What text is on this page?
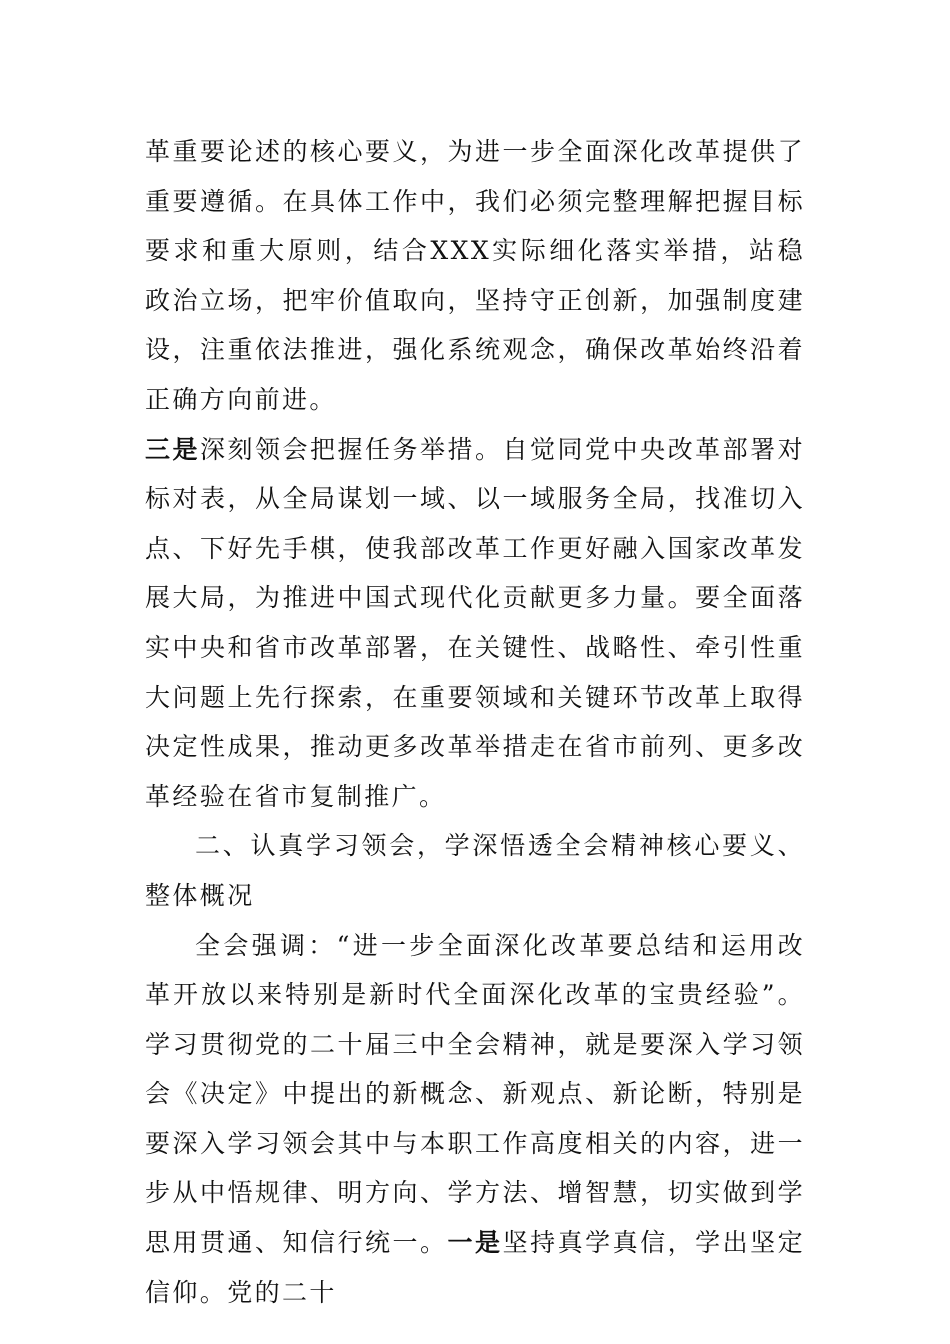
革重要论述的核心要义，为进一步全面深化改革提供了重要遵循。在具体工作中，我们必须完整理解把握目标要求和重大原则，结合XXX实际细化落实举措，站稳政治立场，把牢价值取向，坚持守正创新，加强制度建设，注重依法推进，强化系统观念，确保改革始终沿着正确方向前进。

三是深刻领会把握任务举措。自觉同党中央改革部署对标对表，从全局谋划一域、以一域服务全局，找准切入点、下好先手棋，使我部改革工作更好融入国家改革发展大局，为推进中国式现代化贡献更多力量。要全面落实中央和省市改革部署，在关键性、战略性、牵引性重大问题上先行探索，在重要领域和关键环节改革上取得决定性成果，推动更多改革举措走在省市前列、更多改革经验在省市复制推广。

二、认真学习领会，学深悟透全会精神核心要义、整体概况

全会强调：“进一步全面深化改革要总结和运用改革开放以来特别是新时代全面深化改革的宝贵经验”。学习贯彻党的二十届三中全会精神，就是要深入学习领会《决定》中提出的新概念、新观点、新论断，特别是要深入学习领会其中与本职工作高度相关的内容，进一步从中悟规律、明方向、学方法、增智慧，切实做到学思用贯通、知信行统一。一是坚持真学真信，学出坚定信仰。党的二十
